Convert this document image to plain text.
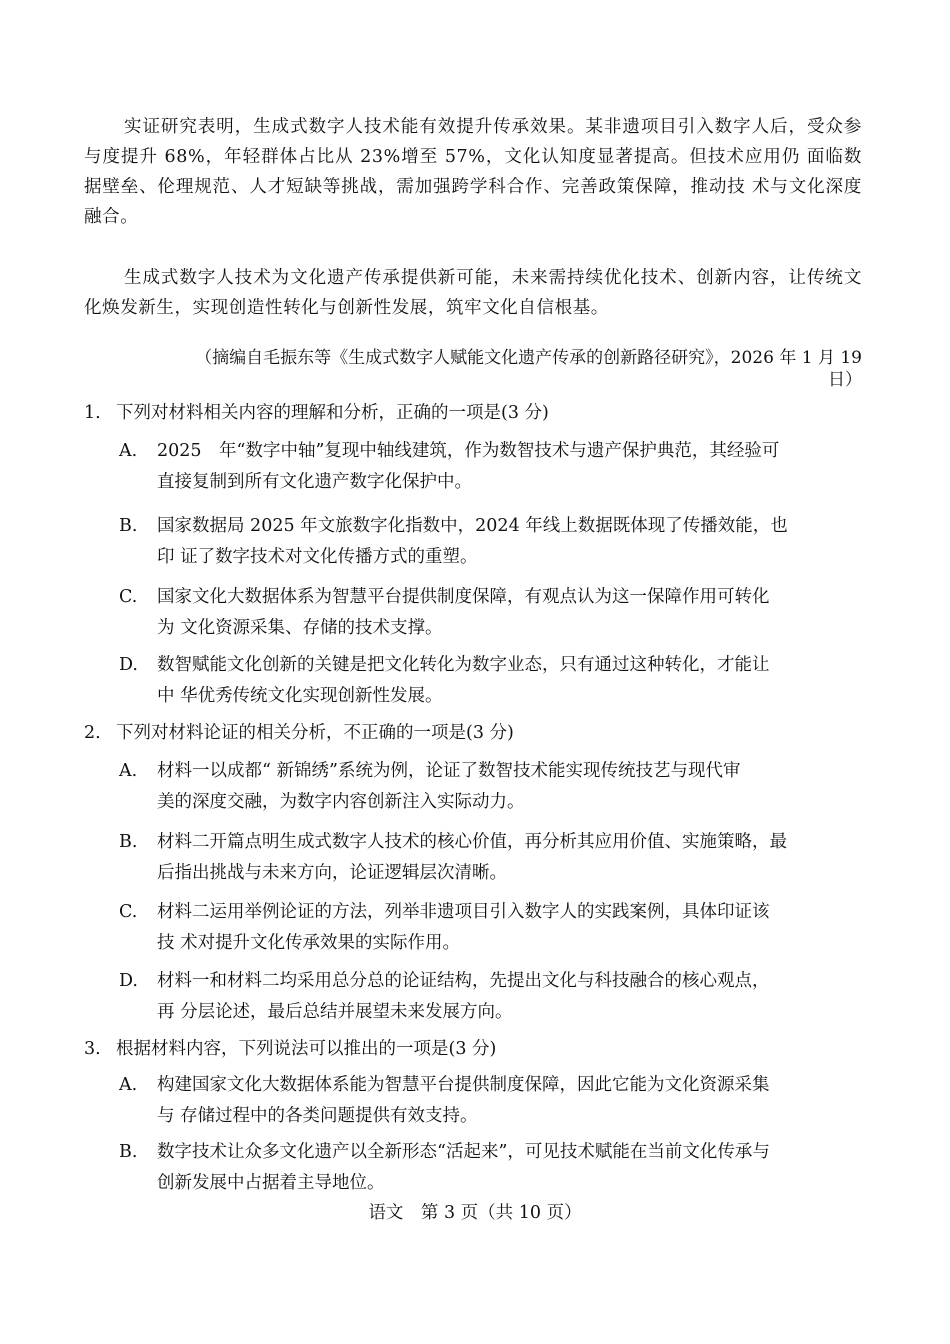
实证研究表明，生成式数字人技术能有效提升传承效果。某非遗项目引入数字人后，受众参与度提升 68%，年轻群体占比从 23%增至 57%，文化认知度显著提高。但技术应用仍 面临数据壁垒、伦理规范、人才短缺等挑战，需加强跨学科合作、完善政策保障，推动技 术与文化深度融合。

生成式数字人技术为文化遗产传承提供新可能，未来需持续优化技术、创新内容，让传统文化焕发新生，实现创造性转化与创新性发展，筑牢文化自信根基。

（摘编自毛振东等《生成式数字人赋能文化遗产传承的创新路径研究》，2026 年 1 月 19
日）
1. 下列对材料相关内容的理解和分析，正确的一项是(3 分)
A.	2025　年“数字中轴”复现中轴线建筑，作为数智技术与遗产保护典范，其经验可
直接复制到所有文化遗产数字化保护中。
B.	国家数据局 2025 年文旅数字化指数中，2024 年线上数据既体现了传播效能，也
印 证了数字技术对文化传播方式的重塑。
C.	国家文化大数据体系为智慧平台提供制度保障，有观点认为这一保障作用可转化
为 文化资源采集、存储的技术支撑。
D.	数智赋能文化创新的关键是把文化转化为数字业态，只有通过这种转化，才能让
中 华优秀传统文化实现创新性发展。
2. 下列对材料论证的相关分析，不正确的一项是(3 分)
A.	材料一以成都“ 新锦绣”系统为例，论证了数智技术能实现传统技艺与现代审
美的深度交融，为数字内容创新注入实际动力。
B.	材料二开篇点明生成式数字人技术的核心价值，再分析其应用价值、实施策略，最
后指出挑战与未来方向，论证逻辑层次清晰。
C.	材料二运用举例论证的方法，列举非遗项目引入数字人的实践案例，具体印证该
技 术对提升文化传承效果的实际作用。
D.	材料一和材料二均采用总分总的论证结构，先提出文化与科技融合的核心观点，
再 分层论述，最后总结并展望未来发展方向。
3. 根据材料内容，下列说法可以推出的一项是(3 分)
A.	构建国家文化大数据体系能为智慧平台提供制度保障，因此它能为文化资源采集
与 存储过程中的各类问题提供有效支持。
B.	数字技术让众多文化遗产以全新形态“活起来”，可见技术赋能在当前文化传承与
创新发展中占据着主导地位。
语文　第 3 页（共 10 页）
